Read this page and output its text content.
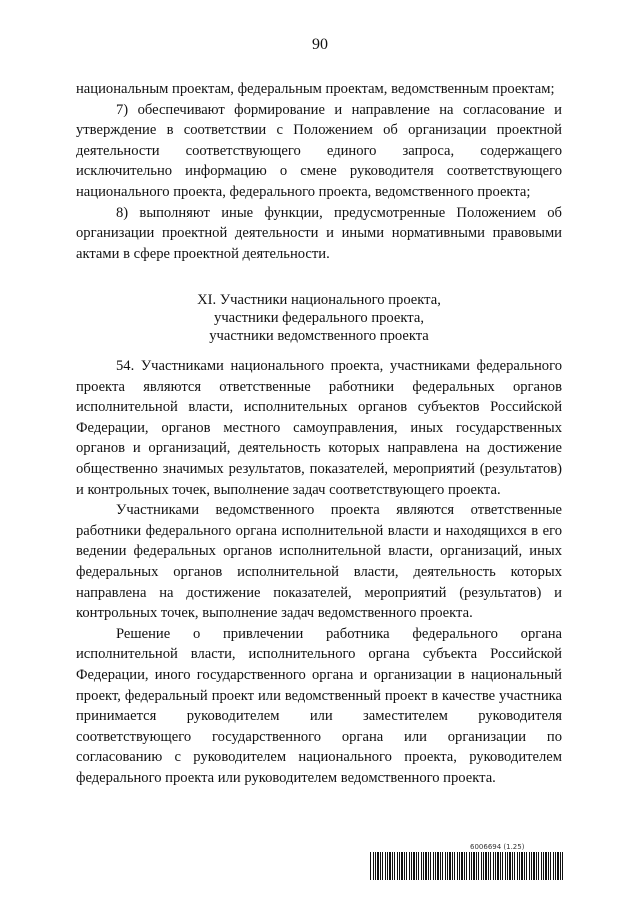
90

национальным проектам, федеральным проектам, ведомственным проектам;

7) обеспечивают формирование и направление на согласование и утверждение в соответствии с Положением об организации проектной деятельности соответствующего единого запроса, содержащего исключительно информацию о смене руководителя соответствующего национального проекта, федерального проекта, ведомственного проекта;

8) выполняют иные функции, предусмотренные Положением об организации проектной деятельности и иными нормативными правовыми актами в сфере проектной деятельности.

XI. Участники национального проекта,
участники федерального проекта,
участники ведомственного проекта

54. Участниками национального проекта, участниками федерального проекта являются ответственные работники федеральных органов исполнительной власти, исполнительных органов субъектов Российской Федерации, органов местного самоуправления, иных государственных органов и организаций, деятельность которых направлена на достижение общественно значимых результатов, показателей, мероприятий (результатов) и контрольных точек, выполнение задач соответствующего проекта.

Участниками ведомственного проекта являются ответственные работники федерального органа исполнительной власти и находящихся в его ведении федеральных органов исполнительной власти, организаций, иных федеральных органов исполнительной власти, деятельность которых направлена на достижение показателей, мероприятий (результатов) и контрольных точек, выполнение задач ведомственного проекта.

Решение о привлечении работника федерального органа исполнительной власти, исполнительного органа субъекта Российской Федерации, иного государственного органа и организации в национальный проект, федеральный проект или ведомственный проект в качестве участника принимается руководителем или заместителем руководителя соответствующего государственного органа или организации по согласованию с руководителем национального проекта, руководителем федерального проекта или руководителем ведомственного проекта.

6006694 (1.25)
